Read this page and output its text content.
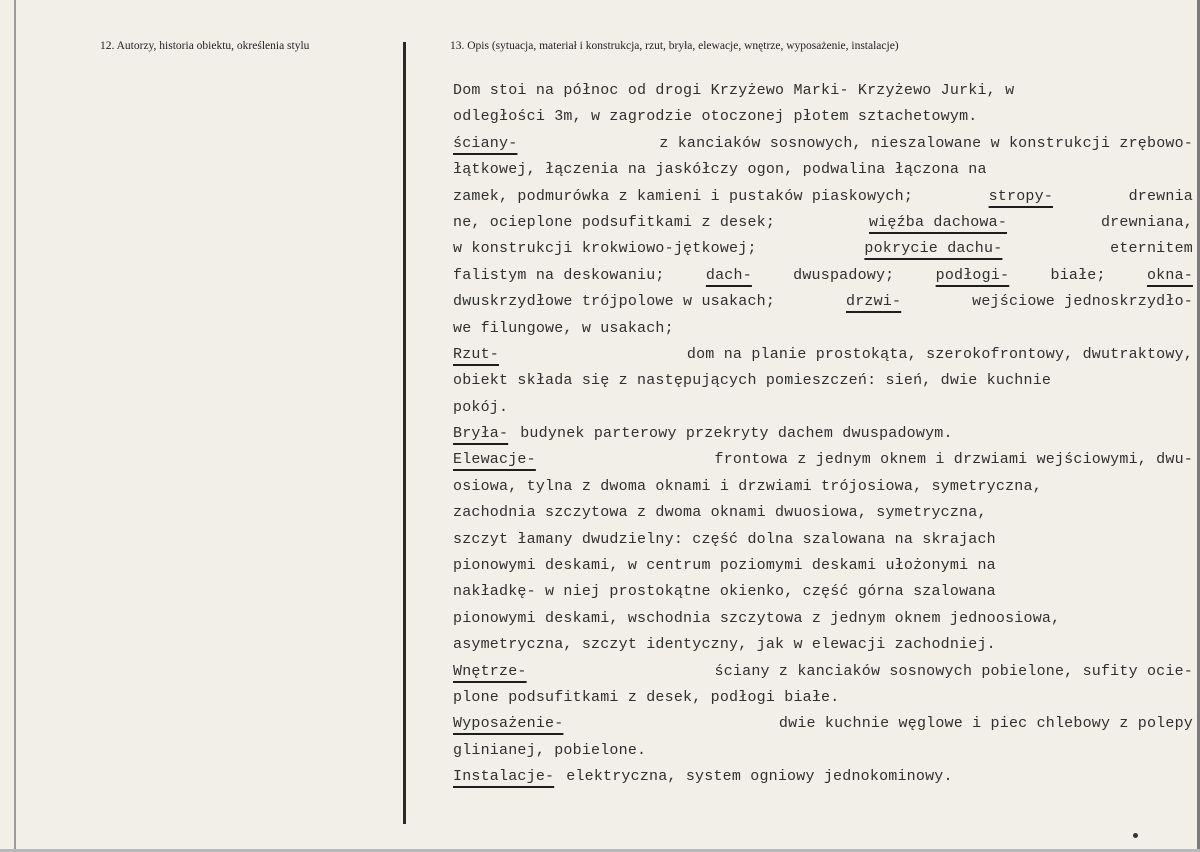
12. Autorzy, historia obiektu, określenia stylu	13. Opis (sytuacja, materiał i konstrukcja, rzut, bryła, elewacje, wnętrze, wyposażenie, instalacje)
Dom stoi na północ od drogi Krzyżewo Marki- Krzyżewo Jurki, w
odległości 3m, w zagrodzie otoczonej płotem sztachetowym.
ściany-	z kanciaków sosnowych, nieszalowane w konstrukcji zrębowo-
łątkowej, łączenia na jaskółczy ogon, podwalina łączona na
zamek, podmurówka z kamieni i pustaków piaskowych;	stropy-	drewnia
ne, ocieplone podsufitkami z desek;	więźba dachowa-	drewniana,
w konstrukcji krokwiowo-jętkowej;	pokrycie dachu-	eternitem
falistym na deskowaniu;	dach-	dwuspadowy;	podłogi-	białe;	okna-
dwuskrzydłowe trójpolowe w usakach;	drzwi-	wejściowe jednoskrzydło-
we filungowe, w usakach;
Rzut-	dom na planie prostokąta, szerokofrontowy, dwutraktowy,
obiekt składa się z następujących pomieszczeń: sień, dwie kuchnie
pokój.
Bryła- budynek parterowy przekryty dachem dwuspadowym.
Elewacje-	frontowa z jednym oknem i drzwiami wejściowymi, dwu-
osiowa, tylna z dwoma oknami i drzwiami trójosiowa, symetryczna,
zachodnia szczytowa z dwoma oknami dwuosiowa, symetryczna,
szczyt łamany dwudzielny: część dolna szalowana na skrajach
pionowymi deskami, w centrum poziomymi deskami ułożonymi na
nakładkę- w niej prostokątne okienko, część górna szalowana
pionowymi deskami, wschodnia szczytowa z jednym oknem jednoosiowa,
asymetryczna, szczyt identyczny, jak w elewacji zachodniej.
Wnętrze-	ściany z kanciaków sosnowych pobielone, sufity ocie-
plone podsufitkami z desek, podłogi białe.
Wyposażenie-	dwie kuchnie węglowe i piec chlebowy z polepy
glinianej, pobielone.
Instalacje- elektryczna, system ogniowy jednokominowy.
